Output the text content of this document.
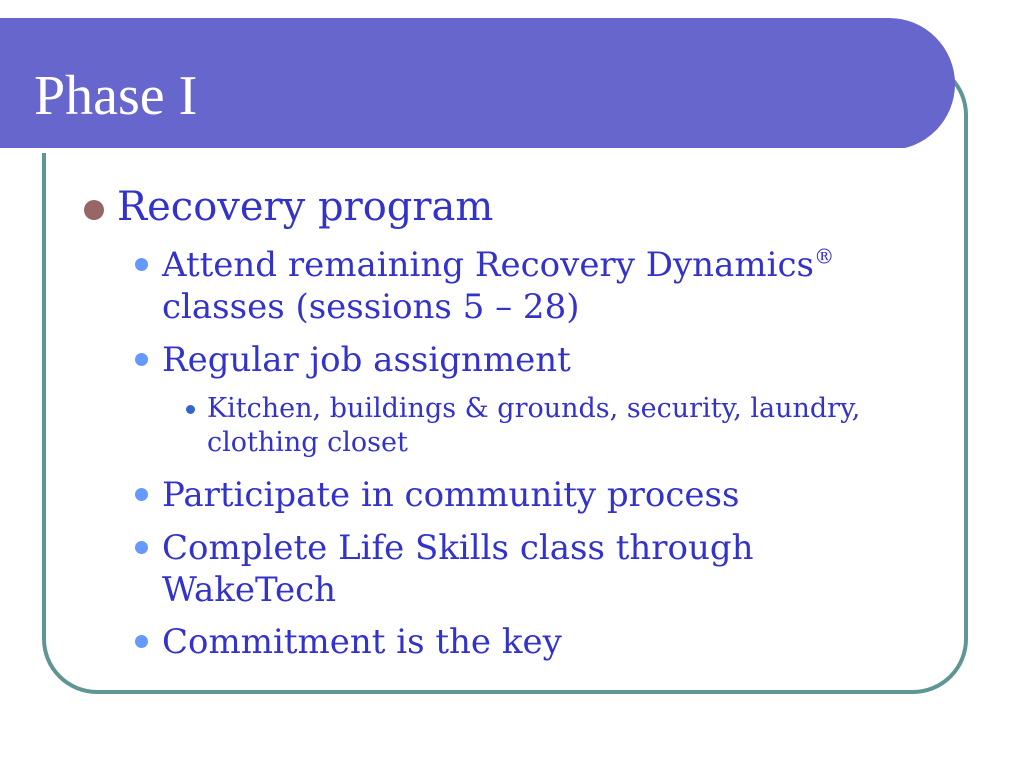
Phase I
Recovery program
Attend remaining Recovery Dynamics®
classes (sessions 5 – 28)
Regular job assignment
Kitchen, buildings & grounds, security, laundry,
clothing closet
Participate in community process
Complete Life Skills class through
WakeTech
Commitment is the key
